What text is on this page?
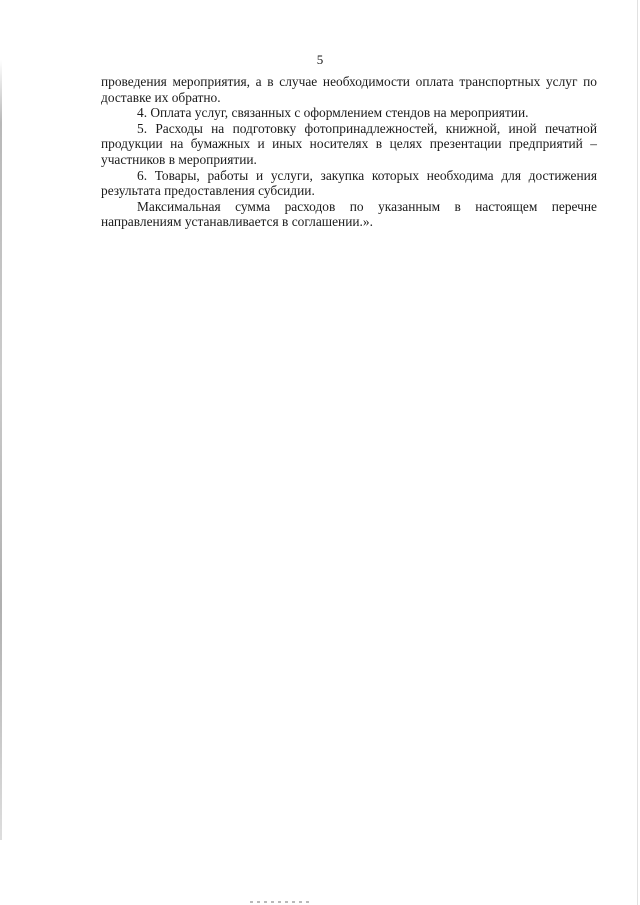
5

проведения мероприятия, а в случае необходимости оплата транспортных услуг по доставке их обратно.

4. Оплата услуг, связанных с оформлением стендов на мероприятии.

5. Расходы на подготовку фотопринадлежностей, книжной, иной печатной продукции на бумажных и иных носителях в целях презентации предприятий – участников в мероприятии.

6. Товары, работы и услуги, закупка которых необходима для достижения результата предоставления субсидии.

Максимальная сумма расходов по указанным в настоящем перечне направлениям устанавливается в соглашении.».
